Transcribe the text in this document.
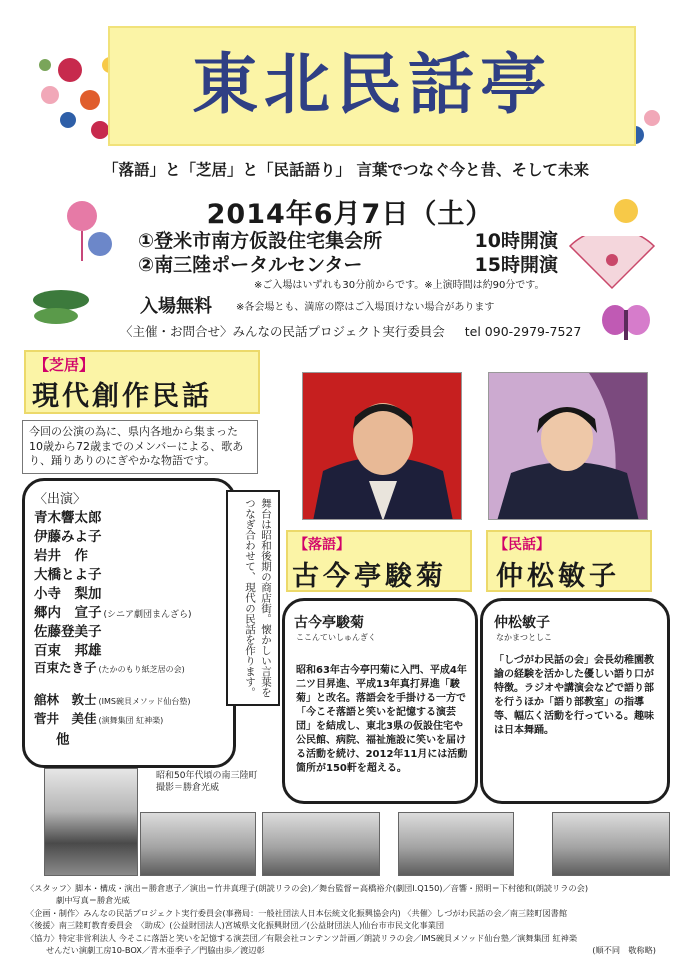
東北民話亭

「落語」と「芝居」と「民話語り」 言葉でつなぐ今と昔、そして未来

2014年6月7日（土）

①登米市南方仮設住宅集会所	10時開演
②南三陸ポータルセンター	15時開演

※ご入場はいずれも30分前からです。※上演時間は約90分です。

入場無料 ※各会場とも、満席の際はご入場頂けない場合があります

〈主催・お問合せ〉みんなの民話プロジェクト実行委員会 tel 090-2979-7527

【芝居】
現代創作民話

今回の公演の為に、県内各地から集まった10歳から72歳までのメンバーによる、歌あり、踊りありのにぎやかな物語です。

〈出演〉

青木響太郎
伊藤みよ子
岩井　作
大橋とよ子
小寺　梨加
郷内　宣子 (シニア劇団まんざら)
佐藤登美子
百束　邦雄
百束たき子 (たかのもり紙芝居の会)
舘林　敦士 (IMS碗貝メソッド仙台塾)
菅井　美佳 (演舞集団 紅神楽)
他
舞台は昭和後期の商店街。懐かしい言葉をつなぎ合わせて、現代の民話を作ります。	【落語】
古今亭駿菊
【民話】
仲松敏子
古今亭駿菊
ここんていしゅんぎく

昭和63年古今亭円菊に入門、平成4年二ツ目昇進、平成13年真打昇進「駿菊」と改名。落語会を手掛ける一方で「今こそ落語と笑いを記憶する演芸団」を結成し、東北3県の仮設住宅や公民館、病院、福祉施設に笑いを届ける活動を続け、2012年11月には活動箇所が150軒を超える。

仲松敏子
なかまつとしこ

「しづがわ民話の会」会長幼稚園教諭の経験を活かした優しい語り口が特徴。ラジオや講演会などで語り部を行うほか「語り部教室」の指導等、幅広く活動を行っている。趣味は日本舞踊。

昭和50年代頃の南三陸町
撮影＝勝倉光威
〈スタッフ〉脚本・構成・演出＝勝倉恵子／演出＝竹井真理子(朗読リラの会)／舞台監督＝高橋裕介(劇団I.Q150)／音響・照明＝下村徳和(朗読リラの会)
劇中写真＝勝倉光威
〈企画・制作〉みんなの民話プロジェクト実行委員会(事務局：一般社団法人日本伝統文化振興協会内) 〈共催〉しづがわ民話の会／南三陸町図書館
〈後援〉南三陸町教育委員会　〈助成〉(公益財団法人)宮城県文化振興財団／(公益財団法人)仙台市市民文化事業団
〈協力〉特定非営利法人 今そこに落語と笑いを記憶する演芸団／有限会社コンテンツ計画／朗読リラの会／IMS碗貝メソッド仙台塾／演舞集団 紅神楽
せんだい演劇工房10-BOX／青木亜季子／門脇由歩／渡辺彰	(順不同　敬称略)
